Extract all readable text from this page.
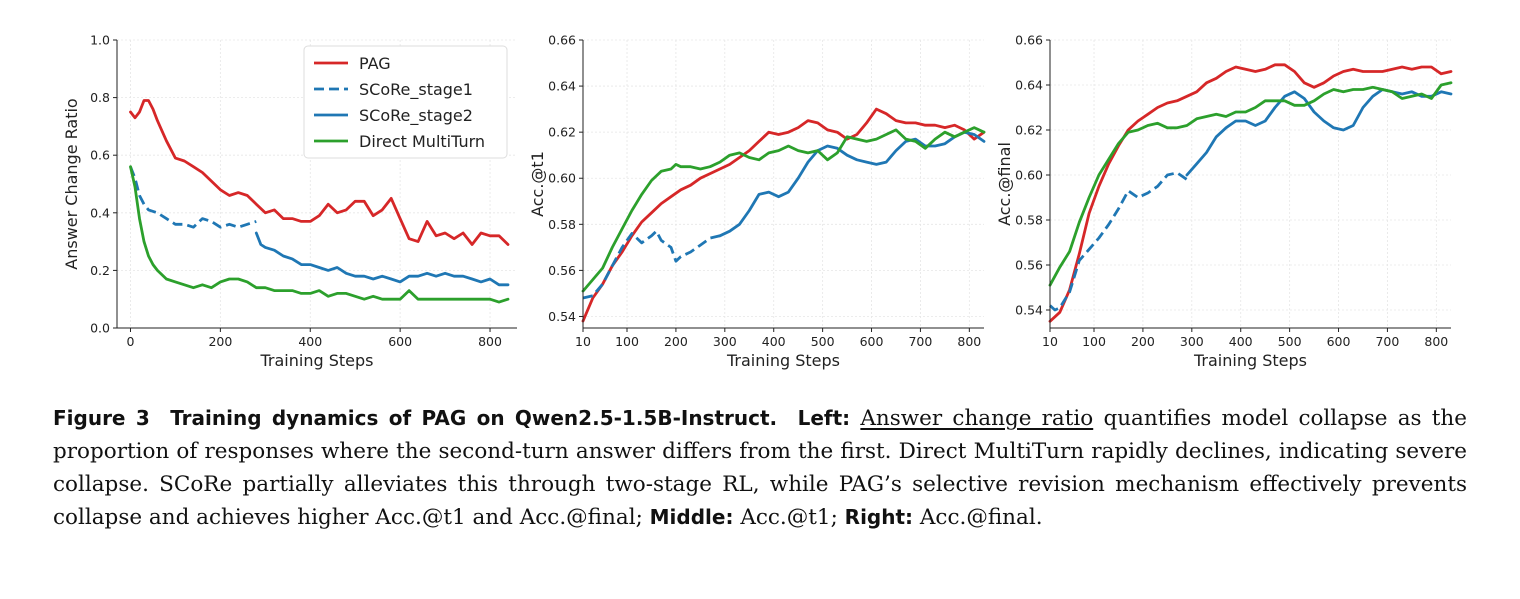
0	200	400	600	800
0.0
0.2
0.4
0.6
0.8
1.0
Training Steps
Answer Change Ratio
PAG
SCoRe_stage1
SCoRe_stage2
Direct MultiTurn
10 100 200 300 400 500 600 700 800
0.54
0.56
0.58
0.60
0.62
0.64
0.66
Training Steps
Acc.@t1
10 100 200 300 400 500 600 700 800
0.54
0.56
0.58
0.60
0.62
0.64
0.66
Training Steps
Acc.@final
Figure 3 Training dynamics of PAG on Qwen2.5-1.5B-Instruct. Left: Answer change ratio quantifies model collapse as the proportion of responses where the second-turn answer differs from the first. Direct MultiTurn rapidly declines, indicating severe collapse. SCoRe partially alleviates this through two-stage RL, while PAG’s selective revision mechanism effectively prevents collapse and achieves higher Acc.@t1 and Acc.@final; Middle: Acc.@t1; Right: Acc.@final.
